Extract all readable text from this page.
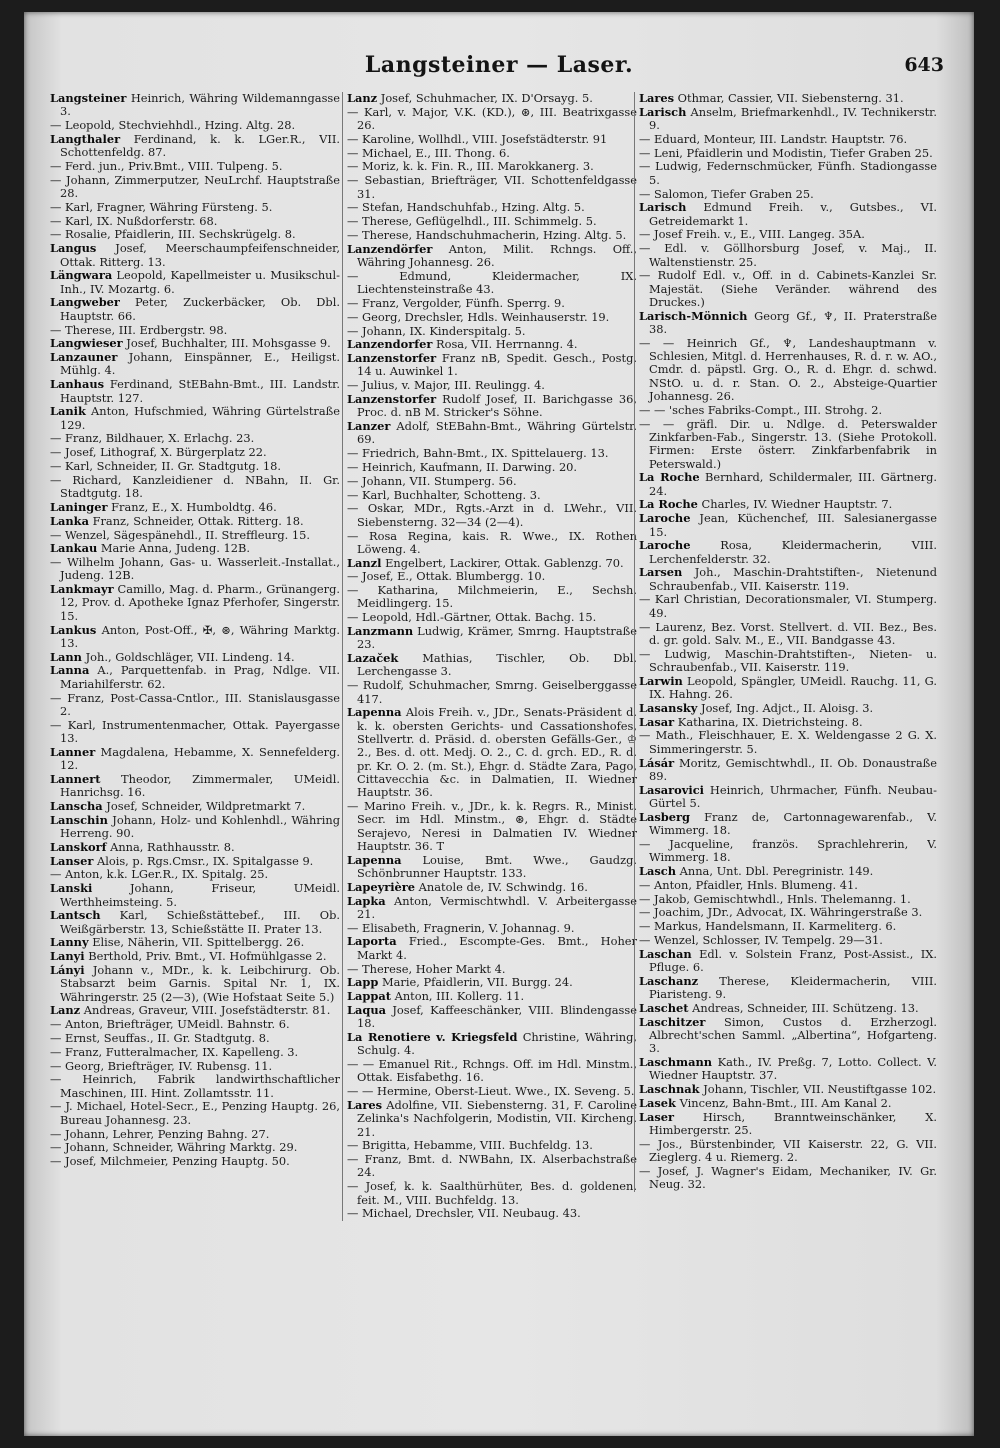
Langsteiner — Laser.	643
Langsteiner Heinrich, Währing Wildemanngasse 3.
— Leopold, Stechviehhdl., Hzing. Altg. 28.
Langthaler Ferdinand, k. k. LGer.R., VII. Schottenfeldg. 87.
— Ferd. jun., Priv.Bmt., VIII. Tulpeng. 5.
— Johann, Zimmerputzer, NeuLrchf. Hauptstraße 28.
— Karl, Fragner, Währing Fürsteng. 5.
— Karl, IX. Nußdorferstr. 68.
— Rosalie, Pfaidlerin, III. Sechskrügelg. 8.
Langus Josef, Meerschaumpfeifenschneider, Ottak. Ritterg. 13.
Längwara Leopold, Kapellmeister u. Musikschul-Inh., IV. Mozartg. 6.
Langweber Peter, Zuckerbäcker, Ob. Dbl. Hauptstr. 66.
— Therese, III. Erdbergstr. 98.
Langwieser Josef, Buchhalter, III. Mohsgasse 9.
Lanzauner Johann, Einspänner, E., Heiligst. Mühlg. 4.
Lanhaus Ferdinand, StEBahn-Bmt., III. Landstr. Hauptstr. 127.
Lanik Anton, Hufschmied, Währing Gürtelstraße 129.
— Franz, Bildhauer, X. Erlachg. 23.
— Josef, Lithograf, X. Bürgerplatz 22.
— Karl, Schneider, II. Gr. Stadtgutg. 18.
— Richard, Kanzleidiener d. NBahn, II. Gr. Stadtgutg. 18.
Laninger Franz, E., X. Humboldtg. 46.
Lanka Franz, Schneider, Ottak. Ritterg. 18.
— Wenzel, Sägespänehdl., II. Streffleurg. 15.
Lankau Marie Anna, Judeng. 12B.
— Wilhelm Johann, Gas- u. Wasserleit.-Installat., Judeng. 12B.
Lankmayr Camillo, Mag. d. Pharm., Grünangerg. 12, Prov. d. Apotheke Ignaz Pferhofer, Singerstr. 15.
Lankus Anton, Post-Off., ✠, ⊛, Währing Marktg. 13.
Lann Joh., Goldschläger, VII. Lindeng. 14.
Lanna A., Parquettenfab. in Prag, Ndlge. VII. Mariahilferstr. 62.
— Franz, Post-Cassa-Cntlor., III. Stanislausgasse 2.
— Karl, Instrumentenmacher, Ottak. Payergasse 13.
Lanner Magdalena, Hebamme, X. Sennefelderg. 12.
Lannert Theodor, Zimmermaler, UMeidl. Hanrichsg. 16.
Lanscha Josef, Schneider, Wildpretmarkt 7.
Lanschin Johann, Holz- und Kohlenhdl., Währing Herreng. 90.
Lanskorf Anna, Rathhausstr. 8.
Lanser Alois, p. Rgs.Cmsr., IX. Spitalgasse 9.
— Anton, k.k. LGer.R., IX. Spitalg. 25.
Lanski Johann, Friseur, UMeidl. Werthheimsteing. 5.
Lantsch Karl, Schießstättebef., III. Ob. Weißgärberstr. 13, Schießstätte II. Prater 13.
Lanny Elise, Näherin, VII. Spittelbergg. 26.
Lanyi Berthold, Priv. Bmt., VI. Hofmühlgasse 2.
Lányi Johann v., MDr., k. k. Leibchirurg. Ob. Stabsarzt beim Garnis. Spital Nr. 1, IX. Währingerstr. 25 (2—3), (Wie Hofstaat Seite 5.)
Lanz Andreas, Graveur, VIII. Josefstädterstr. 81.
— Anton, Briefträger, UMeidl. Bahnstr. 6.
— Ernst, Seuffas., II. Gr. Stadtgutg. 8.
— Franz, Futteralmacher, IX. Kapelleng. 3.
— Georg, Briefträger, IV. Rubensg. 11.
— Heinrich, Fabrik landwirthschaftlicher Maschinen, III. Hint. Zollamtsstr. 11.
— J. Michael, Hotel-Secr., E., Penzing Hauptg. 26, Bureau Johannesg. 23.
— Johann, Lehrer, Penzing Bahng. 27.
— Johann, Schneider, Währing Marktg. 29.
— Josef, Milchmeier, Penzing Hauptg. 50.
Lanz Josef, Schuhmacher, IX. D'Orsayg. 5.
— Karl, v. Major, V.K. (KD.), ⊛, III. Beatrixgasse 26.
— Karoline, Wollhdl., VIII. Josefstädterstr. 91
— Michael, E., III. Thong. 6.
— Moriz, k. k. Fin. R., III. Marokkanerg. 3.
— Sebastian, Briefträger, VII. Schottenfeldgasse 31.
— Stefan, Handschuhfab., Hzing. Altg. 5.
— Therese, Geflügelhdl., III. Schimmelg. 5.
— Therese, Handschuhmacherin, Hzing. Altg. 5.
Lanzendörfer Anton, Milit. Rchngs. Off., Währing Johannesg. 26.
— Edmund, Kleidermacher, IX. Liechtensteinstraße 43.
— Franz, Vergolder, Fünfh. Sperrg. 9.
— Georg, Drechsler, Hdls. Weinhauserstr. 19.
— Johann, IX. Kinderspitalg. 5.
Lanzendorfer Rosa, VII. Herrnanng. 4.
Lanzenstorfer Franz nB, Spedit. Gesch., Postg. 14 u. Auwinkel 1.
— Julius, v. Major, III. Reulingg. 4.
Lanzenstorfer Rudolf Josef, II. Barichgasse 36, Proc. d. nB M. Stricker's Söhne.
Lanzer Adolf, StEBahn-Bmt., Währing Gürtelstr. 69.
— Friedrich, Bahn-Bmt., IX. Spittelauerg. 13.
— Heinrich, Kaufmann, II. Darwing. 20.
— Johann, VII. Stumperg. 56.
— Karl, Buchhalter, Schotteng. 3.
— Oskar, MDr., Rgts.-Arzt in d. LWehr., VII. Siebensterng. 32—34 (2—4).
— Rosa Regina, kais. R. Wwe., IX. Rothen Löweng. 4.
Lanzl Engelbert, Lackirer, Ottak. Gablenzg. 70.
— Josef, E., Ottak. Blumbergg. 10.
— Katharina, Milchmeierin, E., Sechsh. Meidlingerg. 15.
— Leopold, Hdl.-Gärtner, Ottak. Bachg. 15.
Lanzmann Ludwig, Krämer, Smrng. Hauptstraße 23.
Lazaček Mathias, Tischler, Ob. Dbl. Lerchengasse 3.
— Rudolf, Schuhmacher, Smrng. Geiselberggasse 417.
Lapenna Alois Freih. v., JDr., Senats-Präsident d. k. k. obersten Gerichts- und Cassationshofes, Stellvertr. d. Präsid. d. obersten Gefälls-Ger., ♔ 2., Bes. d. ott. Medj. O. 2., C. d. grch. ED., R. d. pr. Kr. O. 2. (m. St.), Ehgr. d. Städte Zara, Pago, Cittavecchia &c. in Dalmatien, II. Wiedner Hauptstr. 36.
— Marino Freih. v., JDr., k. k. Regrs. R., Minist. Secr. im Hdl. Minstm., ⊛, Ehgr. d. Städte Serajevo, Neresi in Dalmatien IV. Wiedner Hauptstr. 36. T
Lapenna Louise, Bmt. Wwe., Gaudzg. Schönbrunner Hauptstr. 133.
Lapeyrière Anatole de, IV. Schwindg. 16.
Lapka Anton, Vermischtwhdl. V. Arbeitergasse 21.
— Elisabeth, Fragnerin, V. Johannag. 9.
Laporta Fried., Escompte-Ges. Bmt., Hoher Markt 4.
— Therese, Hoher Markt 4.
Lapp Marie, Pfaidlerin, VII. Burgg. 24.
Lappat Anton, III. Kollerg. 11.
Laqua Josef, Kaffeeschänker, VIII. Blindengasse 18.
La Renotiere v. Kriegsfeld Christine, Währing, Schulg. 4.
— — Emanuel Rit., Rchngs. Off. im Hdl. Minstm., Ottak. Eisfabethg. 16.
— — Hermine, Oberst-Lieut. Wwe., IX. Seveng. 5.
Lares Adolfine, VII. Siebensterng. 31, F. Caroline Zelinka's Nachfolgerin, Modistin, VII. Kircheng. 21.
— Brigitta, Hebamme, VIII. Buchfeldg. 13.
— Franz, Bmt. d. NWBahn, IX. Alserbachstraße 24.
— Josef, k. k. Saalthürhüter, Bes. d. goldenen. feit. M., VIII. Buchfeldg. 13.
— Michael, Drechsler, VII. Neubaug. 43.
Lares Othmar, Cassier, VII. Siebensterng. 31.
Larisch Anselm, Briefmarkenhdl., IV. Technikerstr. 9.
— Eduard, Monteur, III. Landstr. Hauptstr. 76.
— Leni, Pfaidlerin und Modistin, Tiefer Graben 25.
— Ludwig, Federnschmücker, Fünfh. Stadiongasse 5.
— Salomon, Tiefer Graben 25.
Larisch Edmund Freih. v., Gutsbes., VI. Getreidemarkt 1.
— Josef Freih. v., E., VIII. Langeg. 35A.
— Edl. v. Göllhorsburg Josef, v. Maj., II. Waltenstienstr. 25.
— Rudolf Edl. v., Off. in d. Cabinets-Kanzlei Sr. Majestät. (Siehe Veränder. während des Druckes.)
Larisch-Mönnich Georg Gf., ♆, II. Praterstraße 38.
— — Heinrich Gf., ♆, Landeshauptmann v. Schlesien, Mitgl. d. Herrenhauses, R. d. r. w. AO., Cmdr. d. päpstl. Grg. O., R. d. Ehgr. d. schwd. NStO. u. d. r. Stan. O. 2., Absteige-Quartier Johannesg. 26.
— — 'sches Fabriks-Compt., III. Strohg. 2.
— — gräfl. Dir. u. Ndlge. d. Peterswalder Zinkfarben-Fab., Singerstr. 13. (Siehe Protokoll. Firmen: Erste österr. Zinkfarbenfabrik in Peterswald.)
La Roche Bernhard, Schildermaler, III. Gärtnerg. 24.
La Roche Charles, IV. Wiedner Hauptstr. 7.
Laroche Jean, Küchenchef, III. Salesianergasse 15.
Laroche Rosa, Kleidermacherin, VIII. Lerchenfelderstr. 32.
Larsen Joh., Maschin-Drahtstiften-, Nietenund Schraubenfab., VII. Kaiserstr. 119.
— Karl Christian, Decorationsmaler, VI. Stumperg. 49.
— Laurenz, Bez. Vorst. Stellvert. d. VII. Bez., Bes. d. gr. gold. Salv. M., E., VII. Bandgasse 43.
— Ludwig, Maschin-Drahtstiften-, Nieten- u. Schraubenfab., VII. Kaiserstr. 119.
Larwin Leopold, Spängler, UMeidl. Rauchg. 11, G. IX. Hahng. 26.
Lasansky Josef, Ing. Adjct., II. Aloisg. 3.
Lasar Katharina, IX. Dietrichsteing. 8.
— Math., Fleischhauer, E. X. Weldengasse 2 G. X. Simmeringerstr. 5.
Lásár Moritz, Gemischtwhdl., II. Ob. Donaustraße 89.
Lasarovici Heinrich, Uhrmacher, Fünfh. Neubau-Gürtel 5.
Lasberg Franz de, Cartonnagewarenfab., V. Wimmerg. 18.
— Jacqueline, französ. Sprachlehrerin, V. Wimmerg. 18.
Lasch Anna, Unt. Dbl. Peregrinistr. 149.
— Anton, Pfaidler, Hnls. Blumeng. 41.
— Jakob, Gemischtwhdl., Hnls. Thelemanng. 1.
— Joachim, JDr., Advocat, IX. Währingerstraße 3.
— Markus, Handelsmann, II. Karmeliterg. 6.
— Wenzel, Schlosser, IV. Tempelg. 29—31.
Laschan Edl. v. Solstein Franz, Post-Assist., IX. Pfluge. 6.
Laschanz Therese, Kleidermacherin, VIII. Piaristeng. 9.
Laschet Andreas, Schneider, III. Schützeng. 13.
Laschitzer Simon, Custos d. Erzherzogl. Albrecht'schen Samml. „Albertina“, Hofgarteng. 3.
Laschmann Kath., IV. Preßg. 7, Lotto. Collect. V. Wiedner Hauptstr. 37.
Laschnak Johann, Tischler, VII. Neustiftgasse 102.
Lasek Vincenz, Bahn-Bmt., III. Am Kanal 2.
Laser Hirsch, Branntweinschänker, X. Himbergerstr. 25.
— Jos., Bürstenbinder, VII Kaiserstr. 22, G. VII. Zieglerg. 4 u. Riemerg. 2.
— Josef, J. Wagner's Eidam, Mechaniker, IV. Gr. Neug. 32.
